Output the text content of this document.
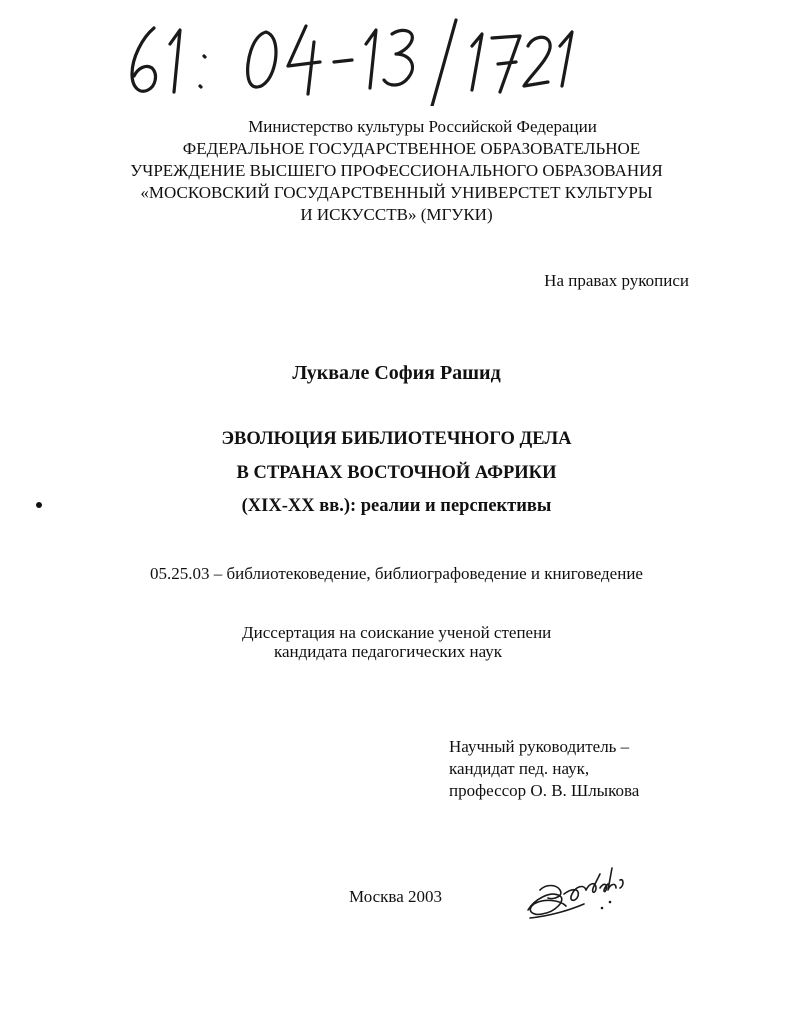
Министерство культуры Российской Федерации
ФЕДЕРАЛЬНОЕ ГОСУДАРСТВЕННОЕ ОБРАЗОВАТЕЛЬНОЕ
УЧРЕЖДЕНИЕ ВЫСШЕГО ПРОФЕССИОНАЛЬНОГО ОБРАЗОВАНИЯ
«МОСКОВСКИЙ ГОСУДАРСТВЕННЫЙ УНИВЕРСТЕТ КУЛЬТУРЫ
И ИСКУССТВ» (МГУКИ)
На правах рукописи
Луквале София Рашид
ЭВОЛЮЦИЯ БИБЛИОТЕЧНОГО ДЕЛА
В СТРАНАХ ВОСТОЧНОЙ АФРИКИ
(XIX-XX вв.): реалии и перспективы
05.25.03 – библиотековедение, библиографоведение и книговедение
Диссертация на соискание ученой степени
кандидата педагогических наук
Научный руководитель –
кандидат пед. наук,
профессор О. В. Шлыкова
Москва 2003
